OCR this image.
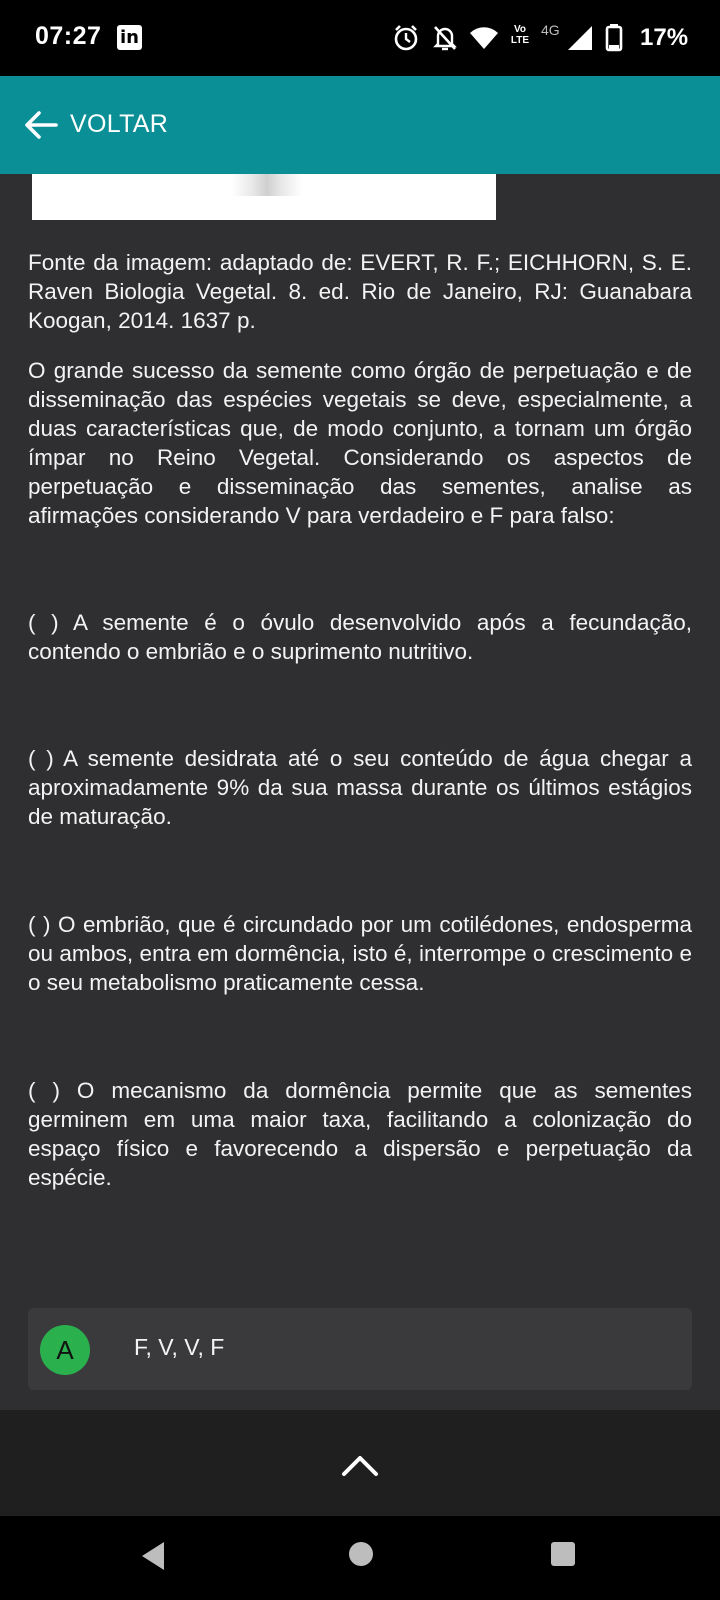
07:27 in	Vo LTE
4G	17%
VOLTAR
Fonte da imagem: adaptado de: EVERT, R. F.; EICHHORN, S. E. Raven Biologia Vegetal. 8. ed. Rio de Janeiro, RJ: Guanabara Koogan, 2014. 1637 p.
O grande sucesso da semente como órgão de perpetuação e de disseminação das espécies vegetais se deve, especialmente, a duas características que, de modo conjunto, a tornam um órgão ímpar no Reino Vegetal. Considerando os aspectos de perpetuação e disseminação das sementes, analise as afirmações considerando V para verdadeiro e F para falso:
( ) A semente é o óvulo desenvolvido após a fecundação, contendo o embrião e o suprimento nutritivo.
( ) A semente desidrata até o seu conteúdo de água chegar a aproximadamente 9% da sua massa durante os últimos estágios de maturação.
( ) O embrião, que é circundado por um cotilédones, endosperma ou ambos, entra em dormência, isto é, interrompe o crescimento e o seu metabolismo praticamente cessa.
( ) O mecanismo da dormência permite que as sementes germinem em uma maior taxa, facilitando a colonização do espaço físico e favorecendo a dispersão e perpetuação da espécie.
A	F, V, V, F
